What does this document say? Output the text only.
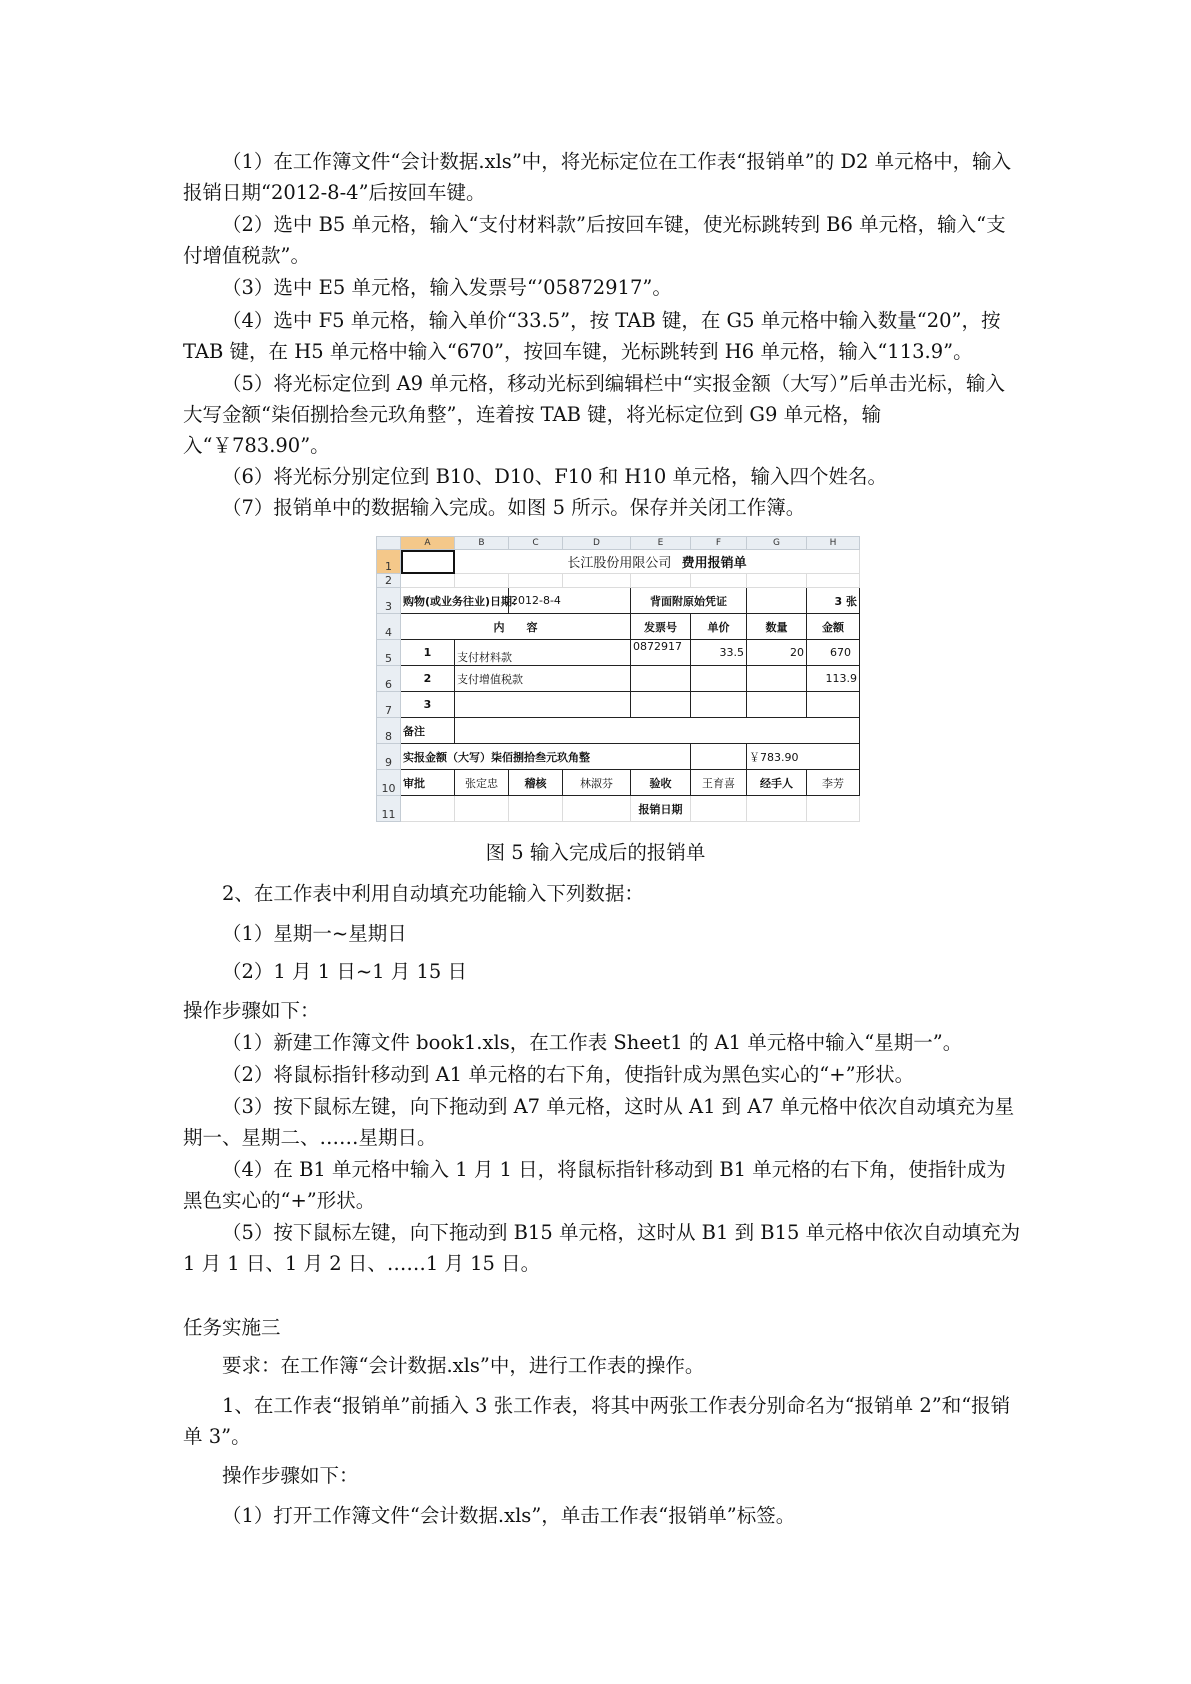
（1）在工作簿文件“会计数据.xls”中，将光标定位在工作表“报销单”的 D2 单元格中，输入报销日期“2012-8-4”后按回车键。

（2）选中 B5 单元格，输入“支付材料款”后按回车键，使光标跳转到 B6 单元格，输入“支付增值税款”。

（3）选中 E5 单元格，输入发票号“’05872917”。

（4）选中 F5 单元格，输入单价“33.5”，按 TAB 键，在 G5 单元格中输入数量“20”，按 TAB 键，在 H5 单元格中输入“670”，按回车键，光标跳转到 H6 单元格，输入“113.9”。

（5）将光标定位到 A9 单元格，移动光标到编辑栏中“实报金额（大写）”后单击光标，输入大写金额“柒佰捌拾叁元玖角整”，连着按 TAB 键，将光标定位到 G9 单元格，输入“￥783.90”。

（6）将光标分别定位到 B10、D10、F10 和 H10 单元格，输入四个姓名。

（7）报销单中的数据输入完成。如图 5 所示。保存并关闭工作簿。

	A	B	C	D	E	F	G	H
1		长江股份用限公司 费用报销单						
2								
3	购物(或业务往业)日期：		2012-8-4		背面附原始凭证			3 张
4	内　　容				发票号	单价	数量	金额
5	1	支付材料款			0872917	33.5	20	670
6	2	支付增值税款						113.9
7	3							
8	备注							
9	实报金额（大写）柒佰捌拾叁元玖角整						￥783.90	
10	审批	张定忠	稽核	林淑芬	验收	王育喜	经手人	李芳
11					报销日期			
图 5 输入完成后的报销单

2、在工作表中利用自动填充功能输入下列数据：

（1）星期一~星期日

（2）1 月 1 日~1 月 15 日

操作步骤如下：

（1）新建工作簿文件 book1.xls，在工作表 Sheet1 的 A1 单元格中输入“星期一”。

（2）将鼠标指针移动到 A1 单元格的右下角，使指针成为黑色实心的“+”形状。

（3）按下鼠标左键，向下拖动到 A7 单元格，这时从 A1 到 A7 单元格中依次自动填充为星期一、星期二、……星期日。

（4）在 B1 单元格中输入 1 月 1 日，将鼠标指针移动到 B1 单元格的右下角，使指针成为黑色实心的“+”形状。

（5）按下鼠标左键，向下拖动到 B15 单元格，这时从 B1 到 B15 单元格中依次自动填充为 1 月 1 日、1 月 2 日、……1 月 15 日。

任务实施三

要求：在工作簿“会计数据.xls”中，进行工作表的操作。

1、在工作表“报销单”前插入 3 张工作表，将其中两张工作表分别命名为“报销单 2”和“报销单 3”。

操作步骤如下：

（1）打开工作簿文件“会计数据.xls”，单击工作表“报销单”标签。
